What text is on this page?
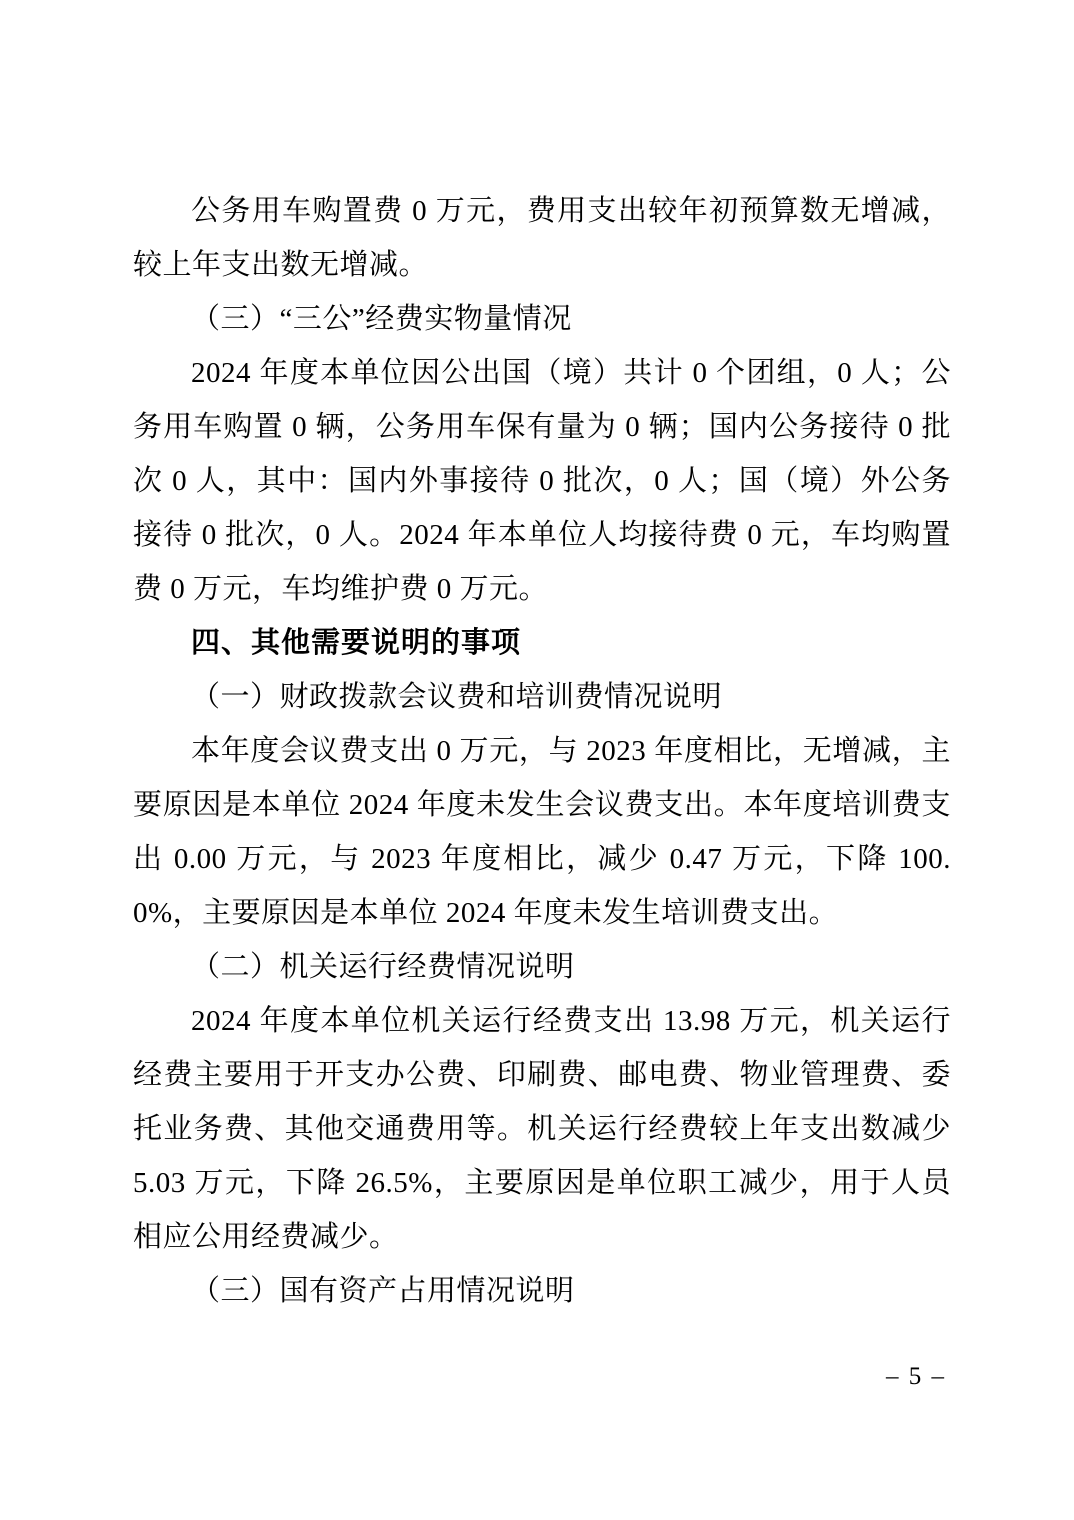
公务用车购置费 0 万元，费用支出较年初预算数无增减，较上年支出数无增减。

（三）“三公”经费实物量情况

2024 年度本单位因公出国（境）共计 0 个团组，0 人；公务用车购置 0 辆，公务用车保有量为 0 辆；国内公务接待 0 批次 0 人，其中：国内外事接待 0 批次，0 人；国（境）外公务接待 0 批次，0 人。2024 年本单位人均接待费 0 元，车均购置费 0 万元，车均维护费 0 万元。

四、其他需要说明的事项

（一）财政拨款会议费和培训费情况说明

本年度会议费支出 0 万元，与 2023 年度相比，无增减，主要原因是本单位 2024 年度未发生会议费支出。本年度培训费支出 0.00 万元，与 2023 年度相比，减少 0.47 万元，下降 100.0%，主要原因是本单位 2024 年度未发生培训费支出。

（二）机关运行经费情况说明

2024 年度本单位机关运行经费支出 13.98 万元，机关运行经费主要用于开支办公费、印刷费、邮电费、物业管理费、委托业务费、其他交通费用等。机关运行经费较上年支出数减少 5.03 万元，下降 26.5%，主要原因是单位职工减少，用于人员相应公用经费减少。

（三）国有资产占用情况说明

– 5 –
